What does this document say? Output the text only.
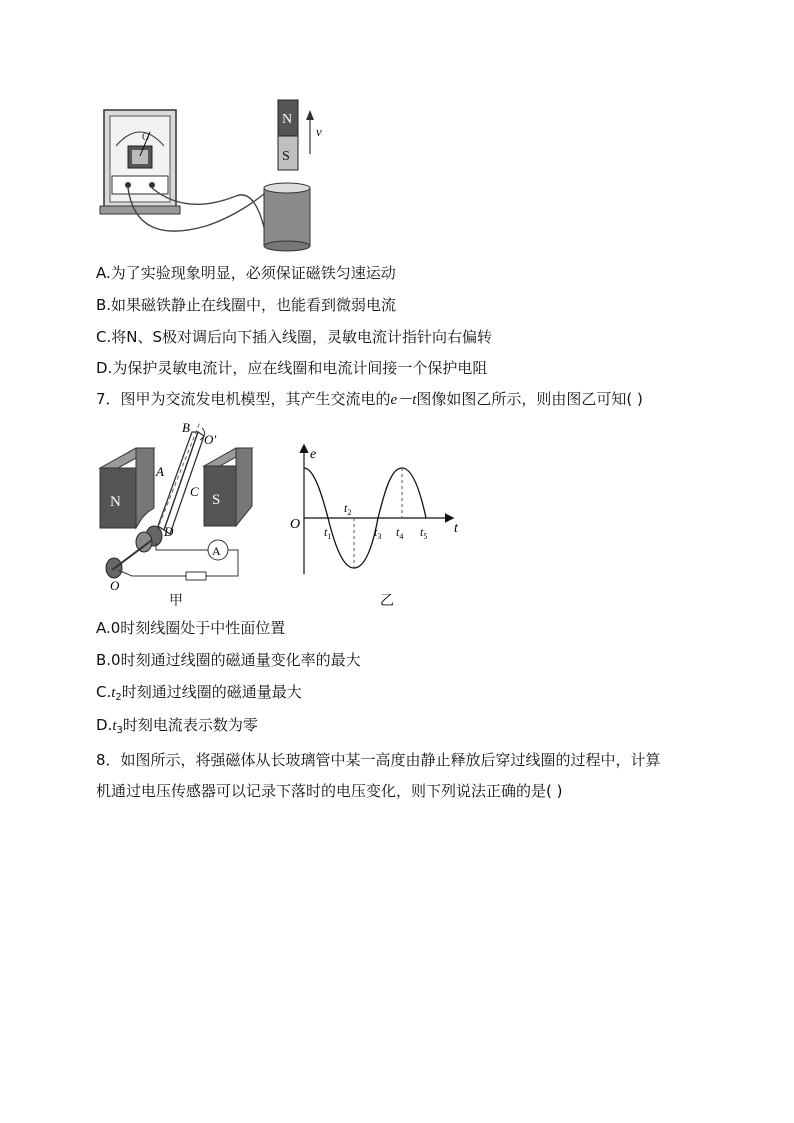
G
N
S
v
A.为了实验现象明显，必须保证磁铁匀速运动
B.如果磁铁静止在线圈中，也能看到微弱电流
C.将N、S极对调后向下插入线圈，灵敏电流计指针向右偏转
D.为保护灵敏电流计，应在线圈和电流计间接一个保护电阻
7．图甲为交流发电机模型，其产生交流电的e－t图像如图乙所示，则由图乙可知( )
N	S
A
B
C
D
O′
A
O
甲
e
t
O $t_1$
$t_2$
$t_3$ $t_4$ $t_5$
乙
A.0时刻线圈处于中性面位置
B.0时刻通过线圈的磁通量变化率的最大
$C.t_2$时刻通过线圈的磁通量最大
$D.t_3$时刻电流表示数为零
8．如图所示，将强磁体从长玻璃管中某一高度由静止释放后穿过线圈的过程中，计算
机通过电压传感器可以记录下落时的电压变化，则下列说法正确的是( )
